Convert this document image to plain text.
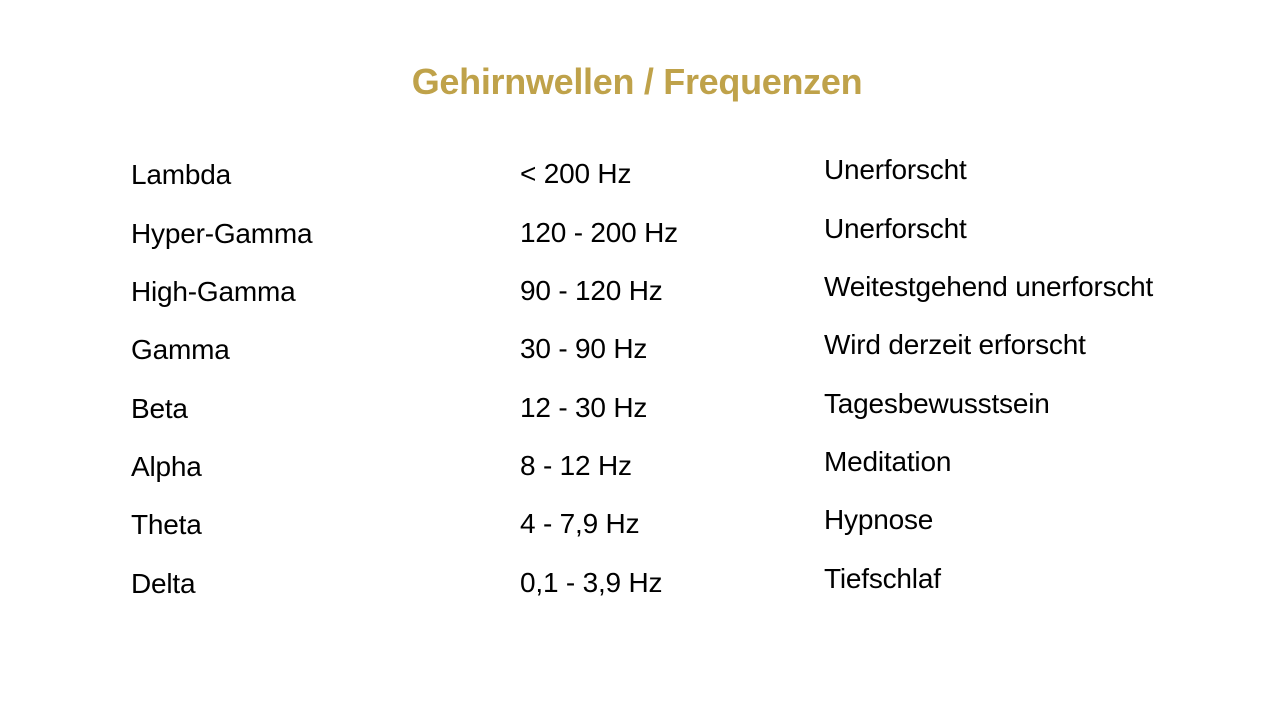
Gehirnwellen / Frequenzen
Lambda	< 200 Hz	Unerforscht
Hyper-Gamma	120 - 200 Hz	Unerforscht
High-Gamma	90 - 120 Hz	Weitestgehend unerforscht
Gamma	30 - 90 Hz	Wird derzeit erforscht
Beta	12 - 30 Hz	Tagesbewusstsein
Alpha	8 - 12 Hz	Meditation
Theta	4 - 7,9 Hz	Hypnose
Delta	0,1 - 3,9 Hz	Tiefschlaf
